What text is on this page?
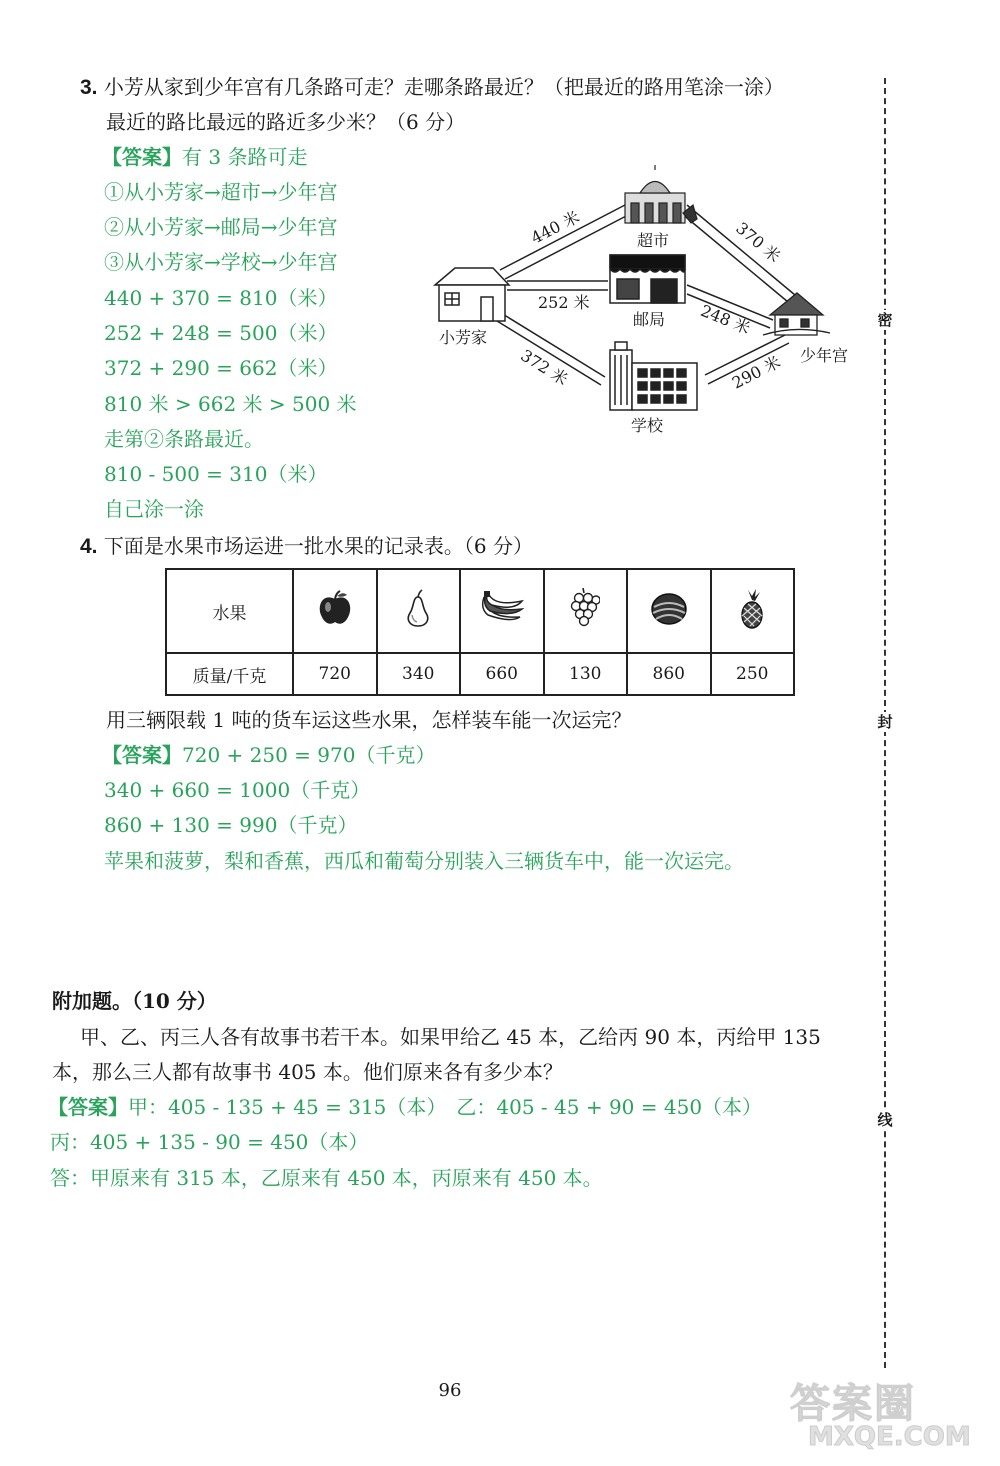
3. 小芳从家到少年宫有几条路可走？走哪条路最近？（把最近的路用笔涂一涂）
最近的路比最远的路近多少米？（6 分）
【答案】有 3 条路可走
①从小芳家→超市→少年宫
②从小芳家→邮局→少年宫
③从小芳家→学校→少年宫
440 + 370 = 810（米）
252 + 248 = 500（米）
372 + 290 = 662（米）
810 米 > 662 米 > 500 米
走第②条路最近。
810 - 500 = 310（米）
自己涂一涂
小芳家
超市
邮局
学校
少年宫
440 米	370 米
252 米	248 米
372 米	290 米
4. 下面是水果市场运进一批水果的记录表。（6 分）
水果						
质量/千克	720	340	660	130	860	250
用三辆限载 1 吨的货车运这些水果，怎样装车能一次运完？
【答案】720 + 250 = 970（千克）
340 + 660 = 1000（千克）
860 + 130 = 990（千克）
苹果和菠萝，梨和香蕉，西瓜和葡萄分别装入三辆货车中，能一次运完。
附加题。（10 分）
甲、乙、丙三人各有故事书若干本。如果甲给乙 45 本，乙给丙 90 本，丙给甲 135
本，那么三人都有故事书 405 本。他们原来各有多少本？
【答案】甲：405 - 135 + 45 = 315（本）　乙：405 - 45 + 90 = 450（本）
丙：405 + 135 - 90 = 450（本）
答：甲原来有 315 本，乙原来有 450 本，丙原来有 450 本。
密
封
线
96	答案圈
MXQE.COM
